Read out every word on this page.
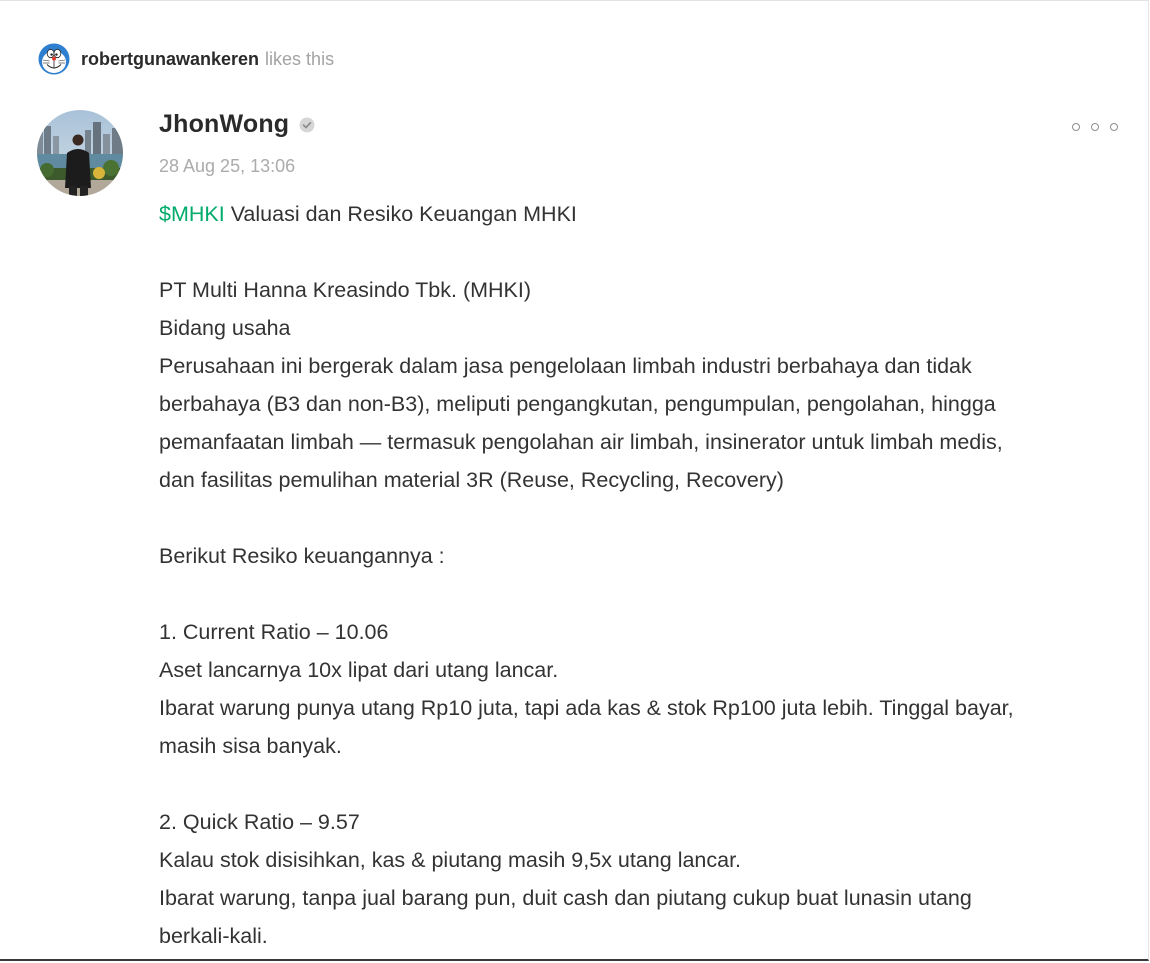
robertgunawankeren likes this
JhonWong
28 Aug 25, 13:06

$MHKI Valuasi dan Resiko Keuangan MHKI

PT Multi Hanna Kreasindo Tbk. (MHKI)

Bidang usaha

Perusahaan ini bergerak dalam jasa pengelolaan limbah industri berbahaya dan tidak

berbahaya (B3 dan non-B3), meliputi pengangkutan, pengumpulan, pengolahan, hingga

pemanfaatan limbah — termasuk pengolahan air limbah, insinerator untuk limbah medis,

dan fasilitas pemulihan material 3R (Reuse, Recycling, Recovery)

Berikut Resiko keuangannya :

1. Current Ratio – 10.06

Aset lancarnya 10x lipat dari utang lancar.

Ibarat warung punya utang Rp10 juta, tapi ada kas & stok Rp100 juta lebih. Tinggal bayar,

masih sisa banyak.

2. Quick Ratio – 9.57

Kalau stok disisihkan, kas & piutang masih 9,5x utang lancar.

Ibarat warung, tanpa jual barang pun, duit cash dan piutang cukup buat lunasin utang

berkali-kali.
